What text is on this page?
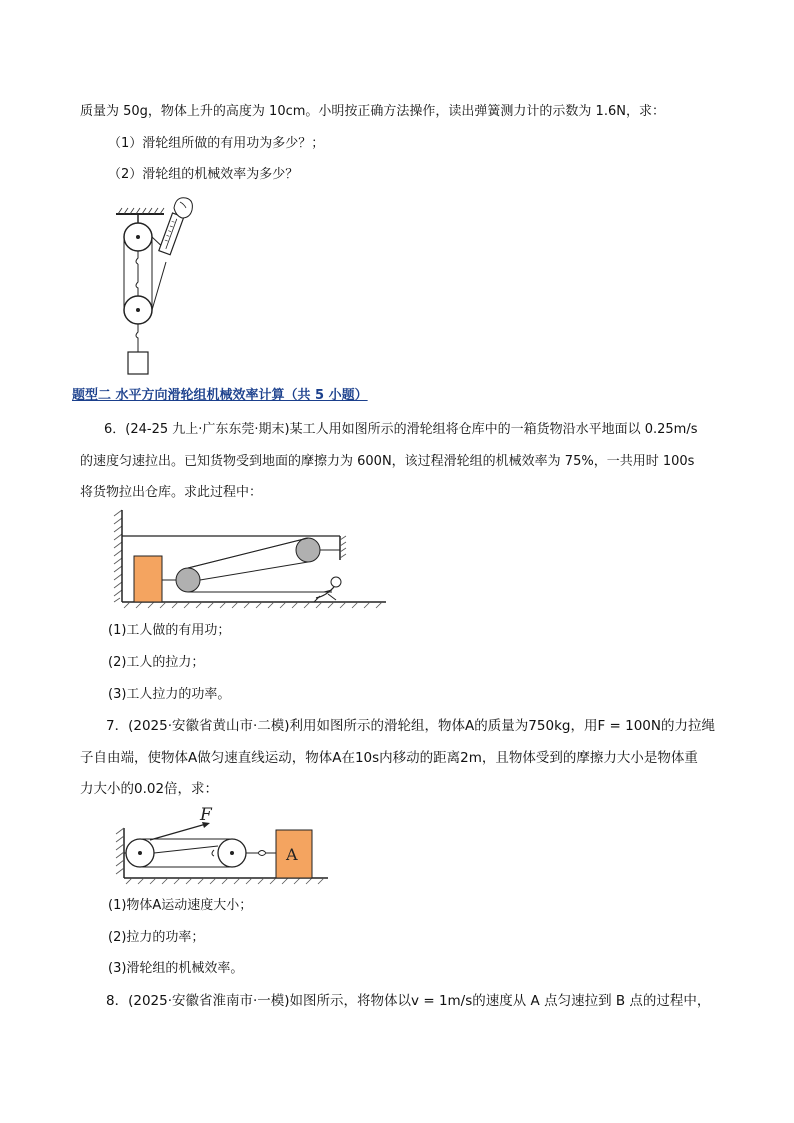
质量为 50g，物体上升的高度为 10cm。小明按正确方法操作，读出弹簧测力计的示数为 1.6N，求：
（1）滑轮组所做的有用功为多少？；
（2）滑轮组的机械效率为多少？
题型二 水平方向滑轮组机械效率计算（共 5 小题）
6．(24-25 九上·广东东莞·期末)某工人用如图所示的滑轮组将仓库中的一箱货物沿水平地面以 0.25m/s
的速度匀速拉出。已知货物受到地面的摩擦力为 600N，该过程滑轮组的机械效率为 75%，一共用时 100s
将货物拉出仓库。求此过程中：
(1)工人做的有用功；
(2)工人的拉力；
(3)工人拉力的功率。
7．(2025·安徽省黄山市·二模)利用如图所示的滑轮组，物体A的质量为750kg，用F = 100N的力拉绳
子自由端，使物体A做匀速直线运动，物体A在10s内移动的距离2m，且物体受到的摩擦力大小是物体重
力大小的0.02倍，求：
F
A
(1)物体A运动速度大小；
(2)拉力的功率；
(3)滑轮组的机械效率。
8．(2025·安徽省淮南市·一模)如图所示，将物体以v = 1m/s的速度从 A 点匀速拉到 B 点的过程中，
